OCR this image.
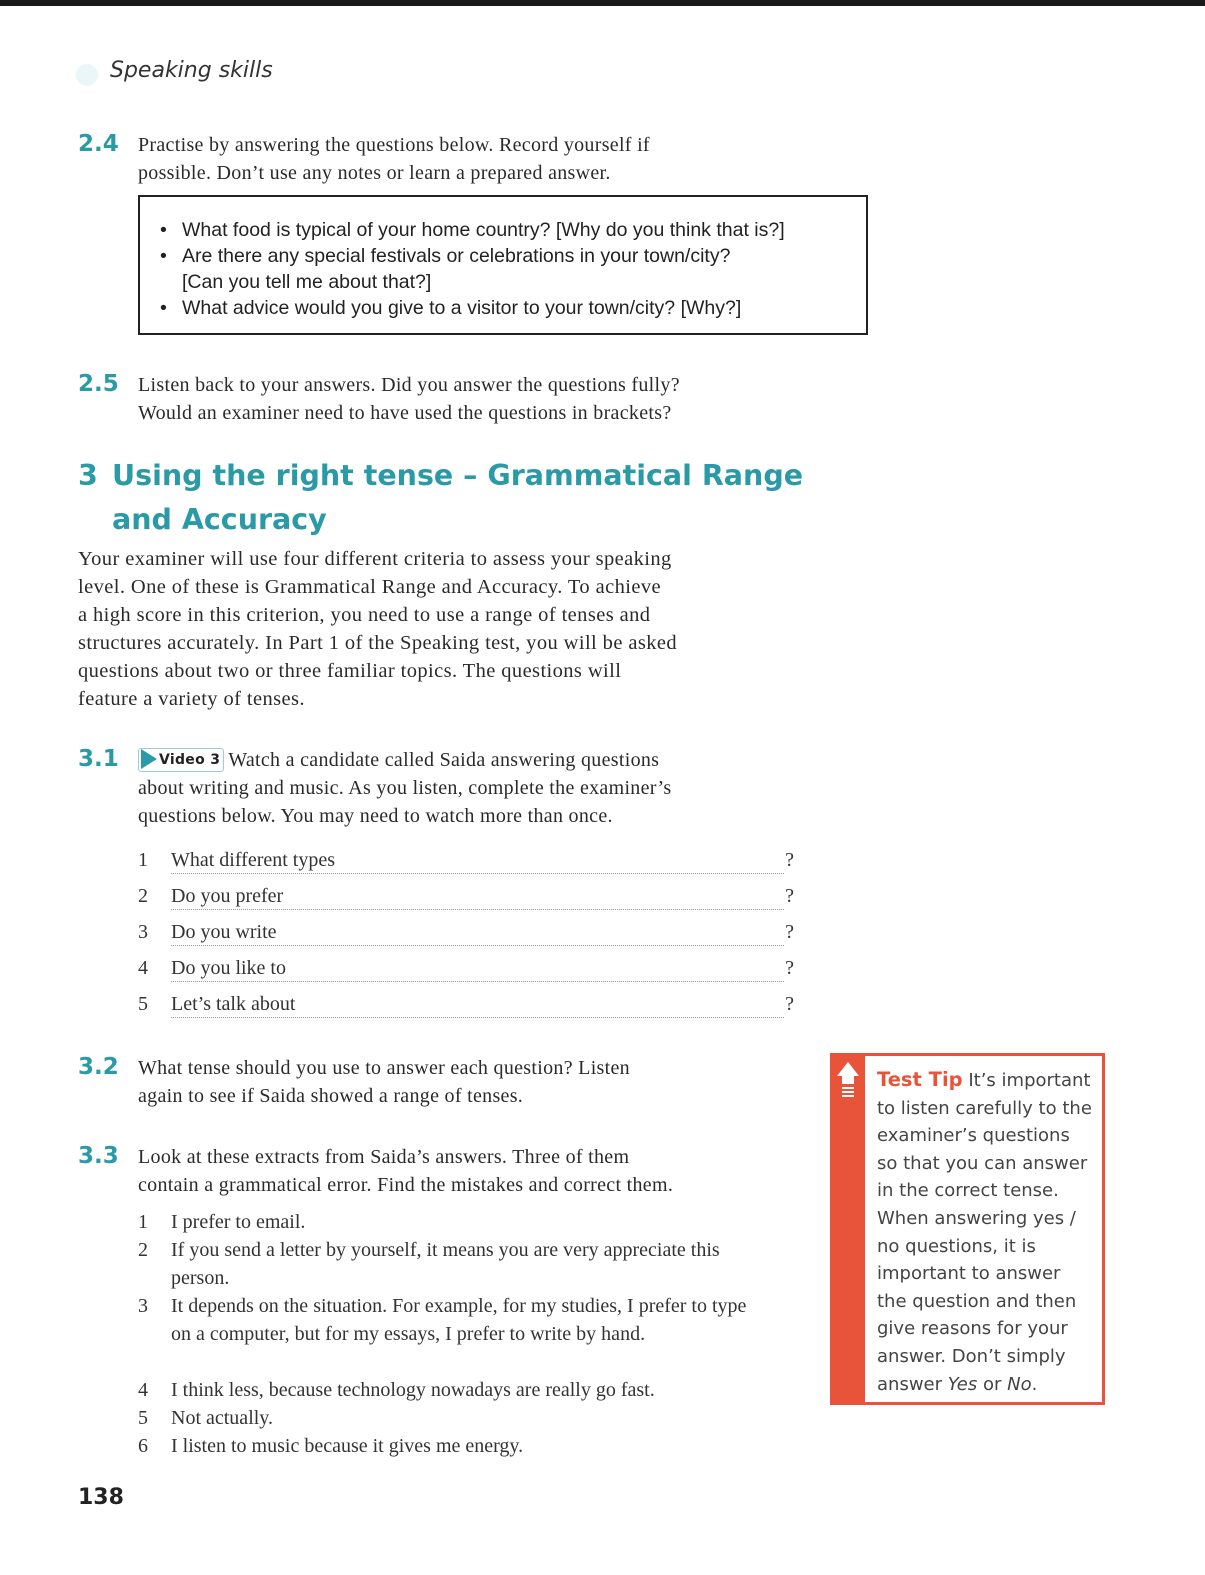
Speaking skills
2.4 Practise by answering the questions below. Record yourself if
possible. Don’t use any notes or learn a prepared answer.
• What food is typical of your home country? [Why do you think that is?]
• Are there any special festivals or celebrations in your town/city?
[Can you tell me about that?]
• What advice would you give to a visitor to your town/city? [Why?]
2.5 Listen back to your answers. Did you answer the questions fully?
Would an examiner need to have used the questions in brackets?
3 Using the right tense – Grammatical Range
and Accuracy
Your examiner will use four different criteria to assess your speaking
level. One of these is Grammatical Range and Accuracy. To achieve
a high score in this criterion, you need to use a range of tenses and
structures accurately. In Part 1 of the Speaking test, you will be asked
questions about two or three familiar topics. The questions will
feature a variety of tenses.
3.1	Video 3 Watch a candidate called Saida answering questions
about writing and music. As you listen, complete the examiner’s
questions below. You may need to watch more than once.
1 What different types	?
2 Do you prefer	?
3 Do you write	?
4 Do you like to	?
5 Let’s talk about	?
3.2 What tense should you use to answer each question? Listen
again to see if Saida showed a range of tenses.
3.3 Look at these extracts from Saida’s answers. Three of them
contain a grammatical error. Find the mistakes and correct them.
1	I prefer to email.
2	If you send a letter by yourself, it means you are very appreciate this person.
3	It depends on the situation. For example, for my studies, I prefer to type on a computer, but for my essays, I prefer to write by hand.
4	I think less, because technology nowadays are really go fast.
5	Not actually.
6	I listen to music because it gives me energy.
Test Tip It’s important to listen carefully to the examiner’s questions so that you can answer in the correct tense. When answering yes / no questions, it is important to answer the question and then give reasons for your answer. Don’t simply answer Yes or No.
138
